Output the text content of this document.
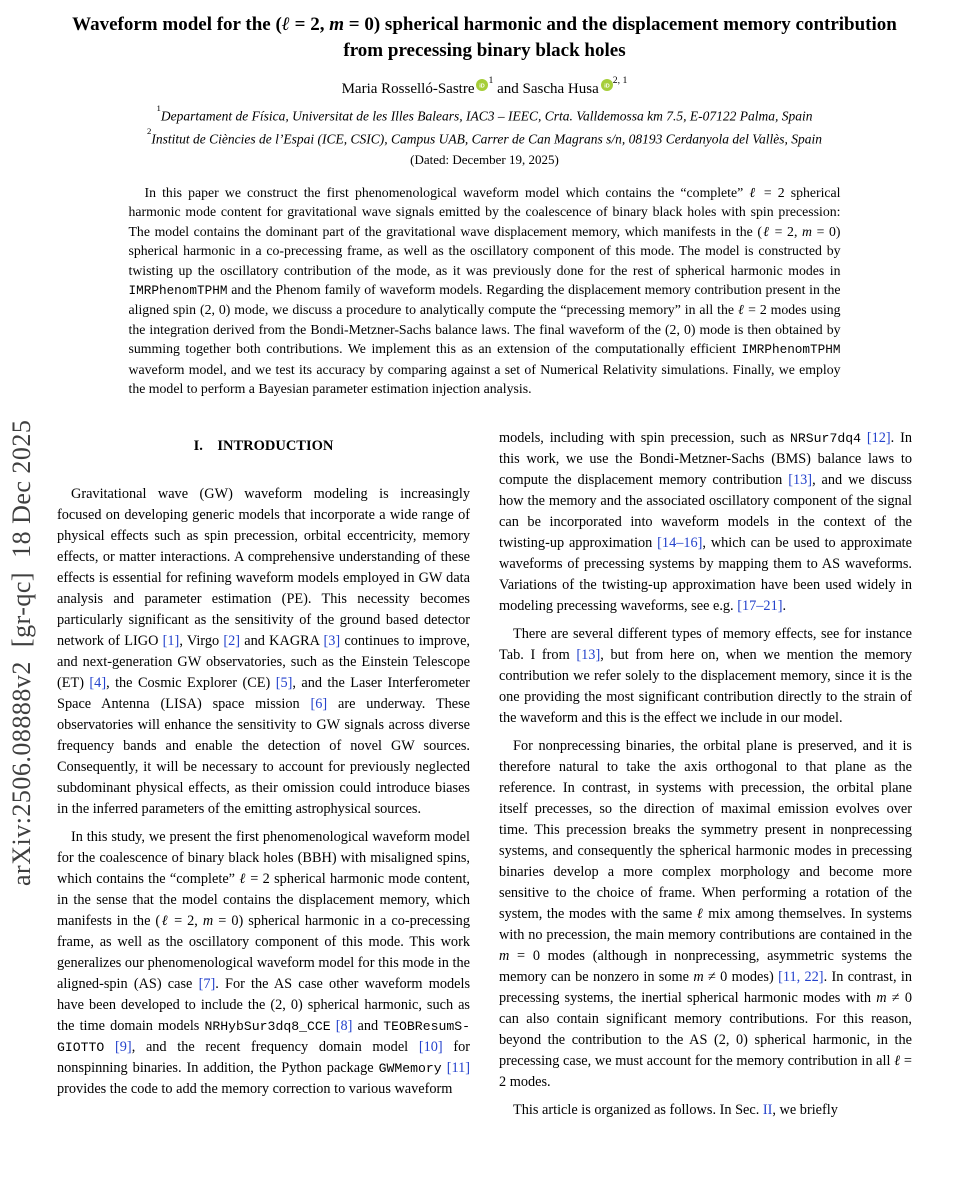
arXiv:2506.08888v2  [gr-qc]  18 Dec 2025
Waveform model for the (ℓ = 2, m = 0) spherical harmonic and the displacement memory contribution from precessing binary black holes
Maria Rosselló-Sastre iD
$^1$ and Sascha Husa iD
$^{2, 1}$
$^1$Departament de Física, Universitat de les Illes Balears, IAC3 – IEEC, Crta. Valldemossa km 7.5, E-07122 Palma, Spain
$^2$Institut de Ciències de l’Espai (ICE, CSIC), Campus UAB, Carrer de Can Magrans s/n, 08193 Cerdanyola del Vallès, Spain
(Dated: December 19, 2025)

In this paper we construct the first phenomenological waveform model which contains the “complete” ℓ = 2 spherical harmonic mode content for gravitational wave signals emitted by the coalescence of binary black holes with spin precession: The model contains the dominant part of the gravitational wave displacement memory, which manifests in the (ℓ = 2, m = 0) spherical harmonic in a co-precessing frame, as well as the oscillatory component of this mode. The model is constructed by twisting up the oscillatory contribution of the mode, as it was previously done for the rest of spherical harmonic modes in IMRPhenomTPHM and the Phenom family of waveform models. Regarding the displacement memory contribution present in the aligned spin (2, 0) mode, we discuss a procedure to analytically compute the “precessing memory” in all the ℓ = 2 modes using the integration derived from the Bondi-Metzner-Sachs balance laws. The final waveform of the (2, 0) mode is then obtained by summing together both contributions. We implement this as an extension of the computationally efficient IMRPhenomTPHM waveform model, and we test its accuracy by comparing against a set of Numerical Relativity simulations. Finally, we employ the model to perform a Bayesian parameter estimation injection analysis.

I. INTRODUCTION

Gravitational wave (GW) waveform modeling is increasingly focused on developing generic models that incorporate a wide range of physical effects such as spin precession, orbital eccentricity, memory effects, or matter interactions. A comprehensive understanding of these effects is essential for refining waveform models employed in GW data analysis and parameter estimation (PE). This necessity becomes particularly significant as the sensitivity of the ground based detector network of LIGO [1], Virgo [2] and KAGRA [3] continues to improve, and next-generation GW observatories, such as the Einstein Telescope (ET) [4], the Cosmic Explorer (CE) [5], and the Laser Interferometer Space Antenna (LISA) space mission [6] are underway. These observatories will enhance the sensitivity to GW signals across diverse frequency bands and enable the detection of novel GW sources. Consequently, it will be necessary to account for previously neglected subdominant physical effects, as their omission could introduce biases in the inferred parameters of the emitting astrophysical sources.

In this study, we present the first phenomenological waveform model for the coalescence of binary black holes (BBH) with misaligned spins, which contains the “complete” ℓ = 2 spherical harmonic mode content, in the sense that the model contains the displacement memory, which manifests in the (ℓ = 2, m = 0) spherical harmonic in a co-precessing frame, as well as the oscillatory component of this mode. This work generalizes our phenomenological waveform model for this mode in the aligned-spin (AS) case [7]. For the AS case other waveform models have been developed to include the (2, 0) spherical harmonic, such as the time domain models NRHybSur3dq8_CCE [8] and TEOBResumS-GIOTTO [9], and the recent frequency domain model [10] for nonspinning binaries. In addition, the Python package GWMemory [11] provides the code to add the memory correction to various waveform

models, including with spin precession, such as NRSur7dq4 [12]. In this work, we use the Bondi-Metzner-Sachs (BMS) balance laws to compute the displacement memory contribution [13], and we discuss how the memory and the associated oscillatory component of the signal can be incorporated into waveform models in the context of the twisting-up approximation [14–16], which can be used to approximate waveforms of precessing systems by mapping them to AS waveforms. Variations of the twisting-up approximation have been used widely in modeling precessing waveforms, see e.g. [17–21].

There are several different types of memory effects, see for instance Tab. I from [13], but from here on, when we mention the memory contribution we refer solely to the displacement memory, since it is the one providing the most significant contribution directly to the strain of the waveform and this is the effect we include in our model.

For nonprecessing binaries, the orbital plane is preserved, and it is therefore natural to take the axis orthogonal to that plane as the reference. In contrast, in systems with precession, the orbital plane itself precesses, so the direction of maximal emission evolves over time. This precession breaks the symmetry present in nonprecessing systems, and consequently the spherical harmonic modes in precessing binaries develop a more complex morphology and become more sensitive to the choice of frame. When performing a rotation of the system, the modes with the same ℓ mix among themselves. In systems with no precession, the main memory contributions are contained in the m = 0 modes (although in nonprecessing, asymmetric systems the memory can be nonzero in some m ≠ 0 modes) [11, 22]. In contrast, in precessing systems, the inertial spherical harmonic modes with m ≠ 0 can also contain significant memory contributions. For this reason, beyond the contribution to the AS (2, 0) spherical harmonic, in the precessing case, we must account for the memory contribution in all ℓ = 2 modes.

This article is organized as follows. In Sec. II, we briefly
